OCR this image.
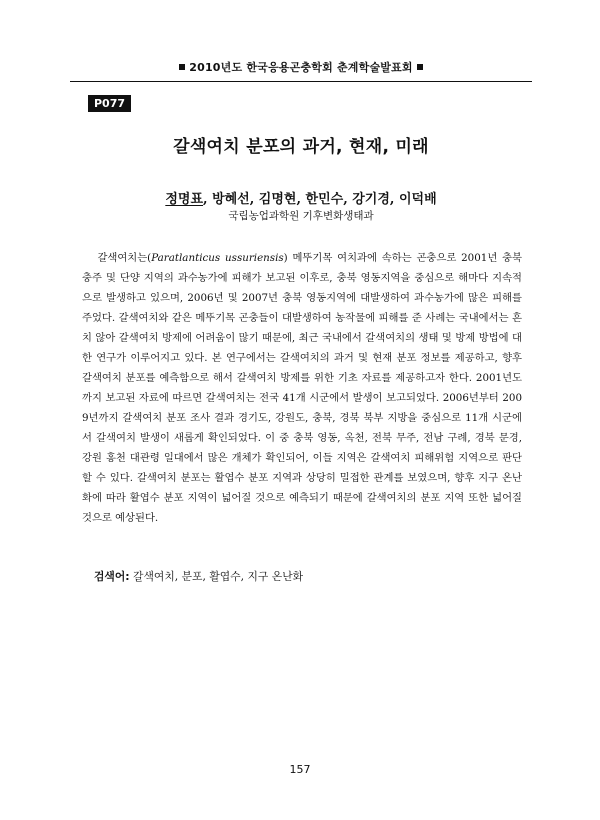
2010년도 한국응용곤충학회 춘계학술발표회
P077
갈색여치 분포의 과거, 현재, 미래
정명표, 방혜선, 김명현, 한민수, 강기경, 이덕배
국립농업과학원 기후변화생태과

갈색여치는(Paratlanticus ussuriensis) 메뚜기목 여치과에 속하는 곤충으로 2001년 충북 충주 및 단양 지역의 과수농가에 피해가 보고된 이후로, 충북 영동지역을 중심으로 해마다 지속적으로 발생하고 있으며, 2006년 및 2007년 충북 영동지역에 대발생하여 과수농가에 많은 피해를 주었다. 갈색여치와 같은 메뚜기목 곤충들이 대발생하여 농작물에 피해를 준 사례는 국내에서는 흔치 않아 갈색여치 방제에 어려움이 많기 때문에, 최근 국내에서 갈색여치의 생태 및 방제 방법에 대한 연구가 이루어지고 있다. 본 연구에서는 갈색여치의 과거 및 현재 분포 정보를 제공하고, 향후 갈색여치 분포를 예측함으로 해서 갈색여치 방제를 위한 기초 자료를 제공하고자 한다. 2001년도까지 보고된 자료에 따르면 갈색여치는 전국 41개 시군에서 발생이 보고되었다. 2006년부터 2009년까지 갈색여치 분포 조사 결과 경기도, 강원도, 충북, 경북 북부 지방을 중심으로 11개 시군에서 갈색여치 발생이 새롭게 확인되었다. 이 중 충북 영동, 옥천, 전북 무주, 전남 구례, 경북 문경, 강원 홍천 대관령 일대에서 많은 개체가 확인되어, 이들 지역은 갈색여치 피해위험 지역으로 판단할 수 있다. 갈색여치 분포는 활엽수 분포 지역과 상당히 밀접한 관계를 보였으며, 향후 지구 온난화에 따라 활엽수 분포 지역이 넓어질 것으로 예측되기 때문에 갈색여치의 분포 지역 또한 넓어질 것으로 예상된다.

검색어: 갈색여치, 분포, 활엽수, 지구 온난화
157
